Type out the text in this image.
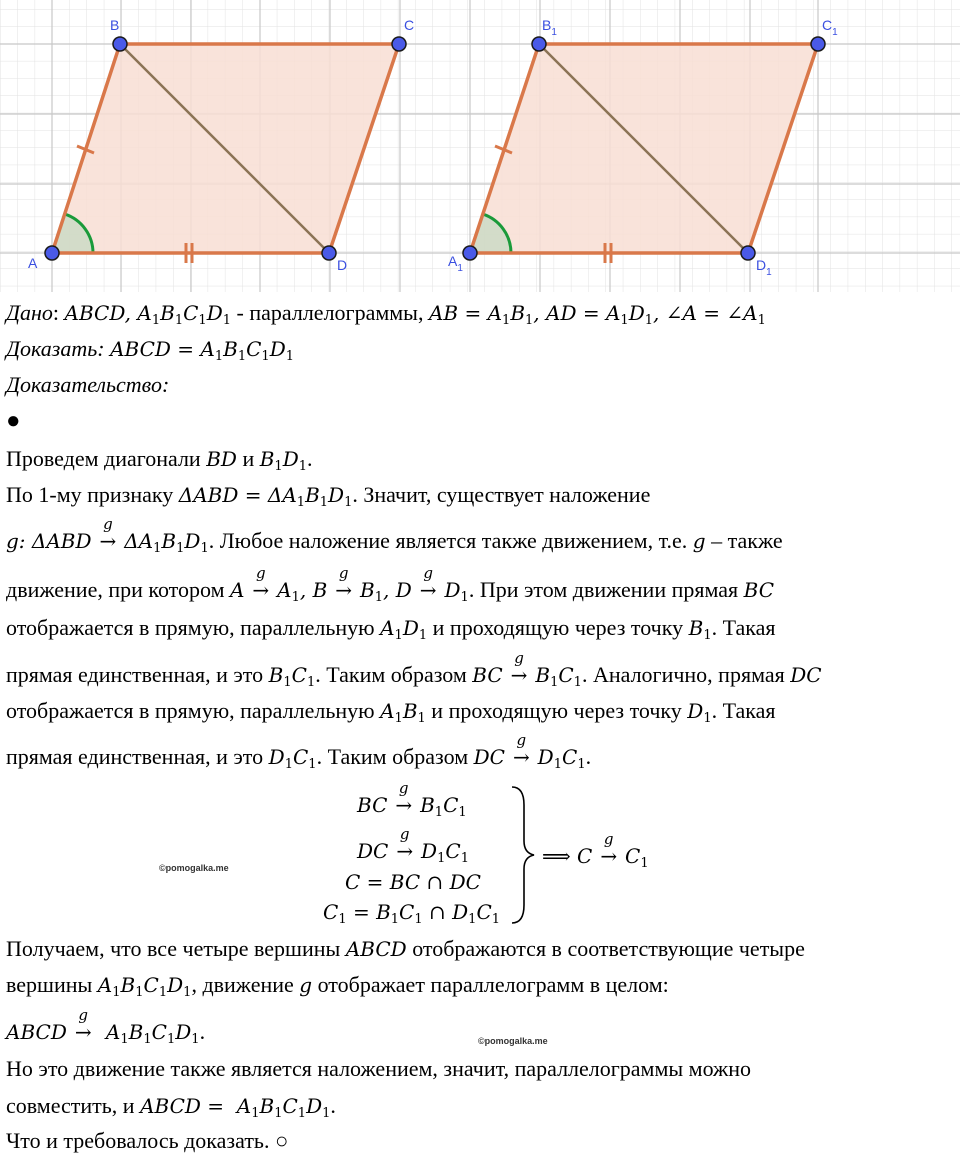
B	C
A	D
$B_1$	$C_1$
$A_1$	$D_1$
Дано: ABCD, $A_1B_1C_1D_1$ - параллелограммы, AB = $A_1B_1$, AD = $A_1D_1$, ∠A = $\angle A_1$
Доказать: ABCD = $A_1B_1C_1D_1$
Доказательство:
●
Проведем диагонали BD и $B_1D_1$.
По 1-му признаку $\Delta ABD = \Delta A_1B_1D_1$. Значит, существует наложение
g: ΔABD →
g
$\Delta A_1B_1D_1$. Любое наложение является также движением, т.е. g – также
движение, при котором A →
g
$A_1$, B →
g
$B_1$, D →
g
$D_1$. При этом движении прямая BC
отображается в прямую, параллельную $A_1D_1$ и проходящую через точку $B_1$. Такая
прямая единственная, и это $B_1C_1$. Таким образом BC →
g
$B_1C_1$. Аналогично, прямая DC
отображается в прямую, параллельную $A_1B_1$ и проходящую через точку $D_1$. Такая
прямая единственная, и это $D_1C_1$. Таким образом DC →
g
$D_1C_1$.
BC →
g
$B_1C_1$
DC →
g
$D_1C_1$
C = BC ∩ DC
$C_1 = B_1C_1$ ∩ $D_1C_1$
⟹ C →
g
$C_1$
©pomogalka.me
Получаем, что все четыре вершины ABCD отображаются в соответствующие четыре
вершины $A_1B_1C_1D_1$, движение g отображает параллелограмм в целом:
ABCD →
g
$A_1B_1C_1D_1$.	©pomogalka.me
Но это движение также является наложением, значит, параллелограммы можно
совместить, и ABCD =  $A_1B_1C_1D_1$.
Что и требовалось доказать. ○
